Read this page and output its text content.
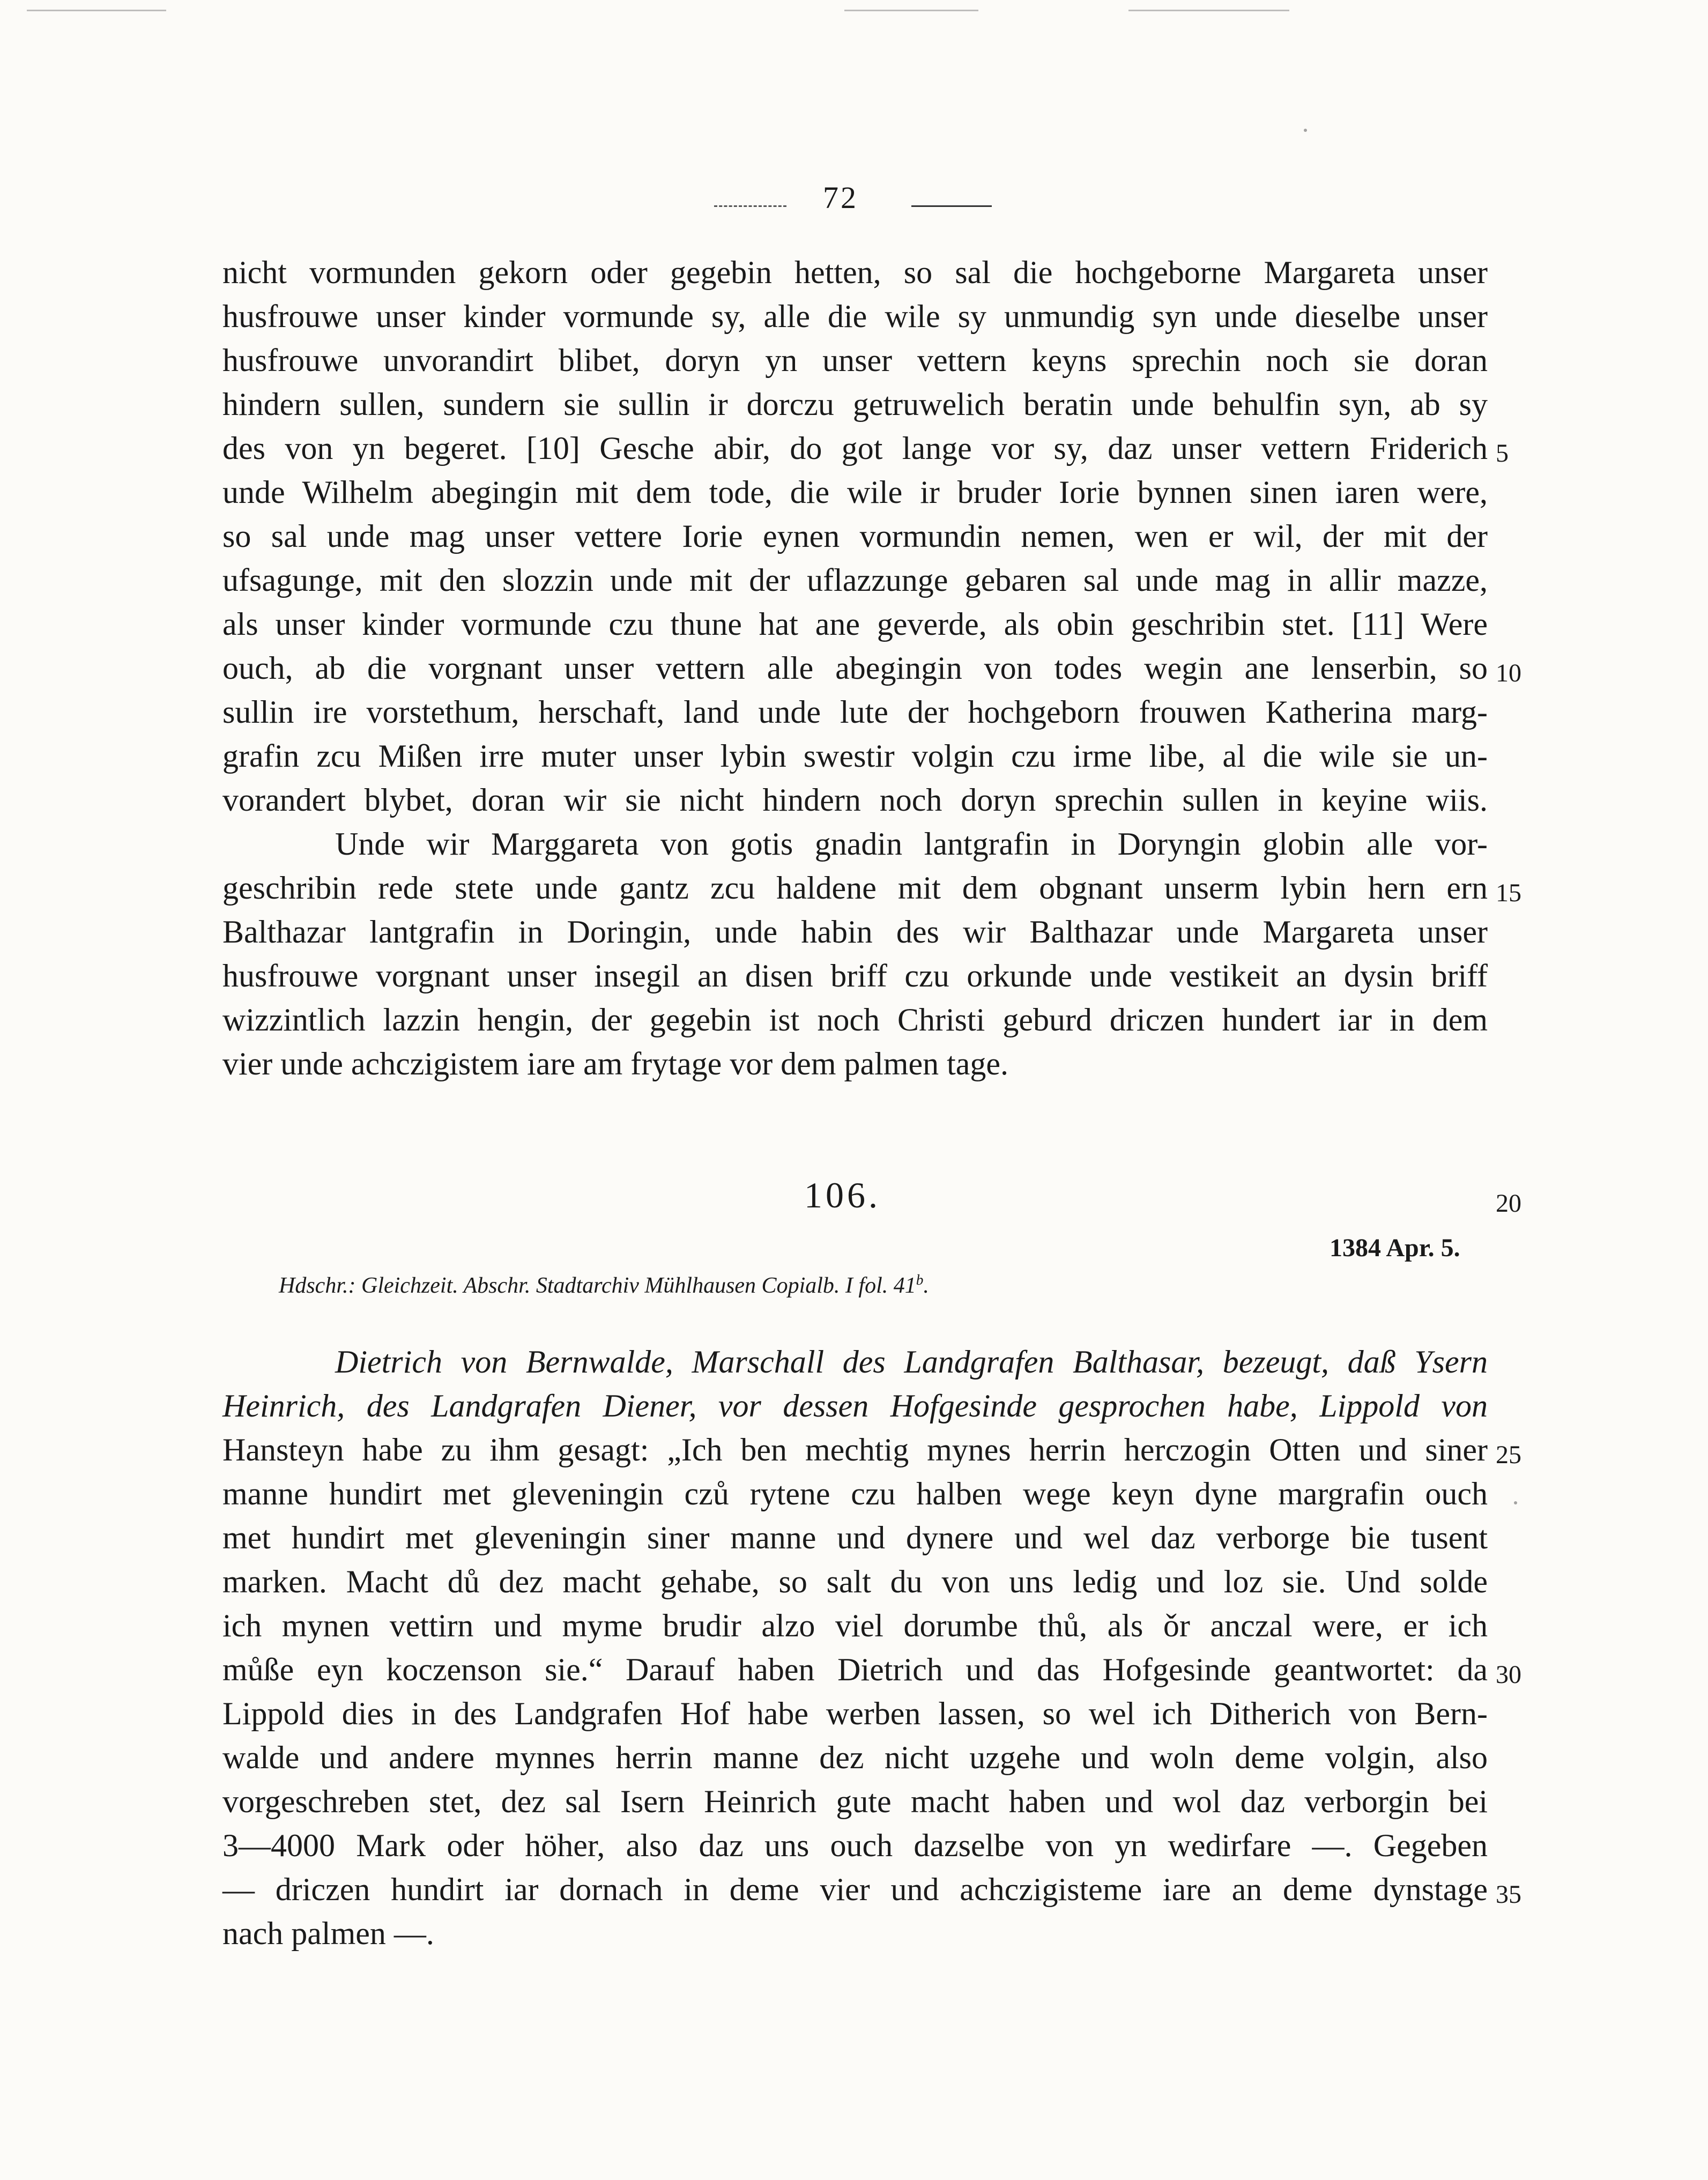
72
nicht vormunden gekorn oder gegebin hetten, so sal die hochgeborne Margareta unser
husfrouwe unser kinder vormunde sy, alle die wile sy unmundig syn unde dieselbe unser
husfrouwe unvorandirt blibet, doryn yn unser vettern keyns sprechin noch sie doran
hindern sullen, sundern sie sullin ir dorczu getruwelich beratin unde behulfin syn, ab sy
des von yn begeret. [10] Gesche abir, do got lange vor sy, daz unser vettern Friderich
unde Wilhelm abegingin mit dem tode, die wile ir bruder Iorie bynnen sinen iaren were,
so sal unde mag unser vettere Iorie eynen vormundin nemen, wen er wil, der mit der
ufsagunge, mit den slozzin unde mit der uflazzunge gebaren sal unde mag in allir mazze,
als unser kinder vormunde czu thune hat ane geverde, als obin geschribin stet. [11] Were
ouch, ab die vorgnant unser vettern alle abegingin von todes wegin ane lenserbin, so
sullin ire vorstethum, herschaft, land unde lute der hochgeborn frouwen Katherina marg-
grafin zcu Mißen irre muter unser lybin swestir volgin czu irme libe, al die wile sie un-
vorandert blybet, doran wir sie nicht hindern noch doryn sprechin sullen in keyine wiis.
Unde wir Marggareta von gotis gnadin lantgrafin in Doryngin globin alle vor-
geschribin rede stete unde gantz zcu haldene mit dem obgnant unserm lybin hern ern
Balthazar lantgrafin in Doringin, unde habin des wir Balthazar unde Margareta unser
husfrouwe vorgnant unser insegil an disen briff czu orkunde unde vestikeit an dysin briff
wizzintlich lazzin hengin, der gegebin ist noch Christi geburd driczen hundert iar in dem
vier unde achczigistem iare am frytage vor dem palmen tage.
5
10
15
106.	20
1384 Apr. 5.
Hdschr.: Gleichzeit. Abschr. Stadtarchiv Mühlhausen Copialb. I fol. 41$^b$.
Dietrich von Bernwalde, Marschall des Landgrafen Balthasar, bezeugt, daß Ysern
Heinrich, des Landgrafen Diener, vor dessen Hofgesinde gesprochen habe, Lippold von
Hansteyn habe zu ihm gesagt: „Ich ben mechtig mynes herrin herczogin Otten und siner
manne hundirt met gleveningin czů rytene czu halben wege keyn dyne margrafin ouch
met hundirt met gleveningin siner manne und dynere und wel daz verborge bie tusent
marken. Macht dů dez macht gehabe, so salt du von uns ledig und loz sie. Und solde
ich mynen vettirn und myme brudir alzo viel dorumbe thů, als ǒr anczal were, er ich
můße eyn koczenson sie.“ Darauf haben Dietrich und das Hofgesinde geantwortet: da
Lippold dies in des Landgrafen Hof habe werben lassen, so wel ich Ditherich von Bern-
walde und andere mynnes herrin manne dez nicht uzgehe und woln deme volgin, also
vorgeschreben stet, dez sal Isern Heinrich gute macht haben und wol daz verborgin bei
3—4000 Mark oder höher, also daz uns ouch dazselbe von yn wedirfare —. Gegeben
— driczen hundirt iar dornach in deme vier und achczigisteme iare an deme dynstage
nach palmen —.
25
30
35
